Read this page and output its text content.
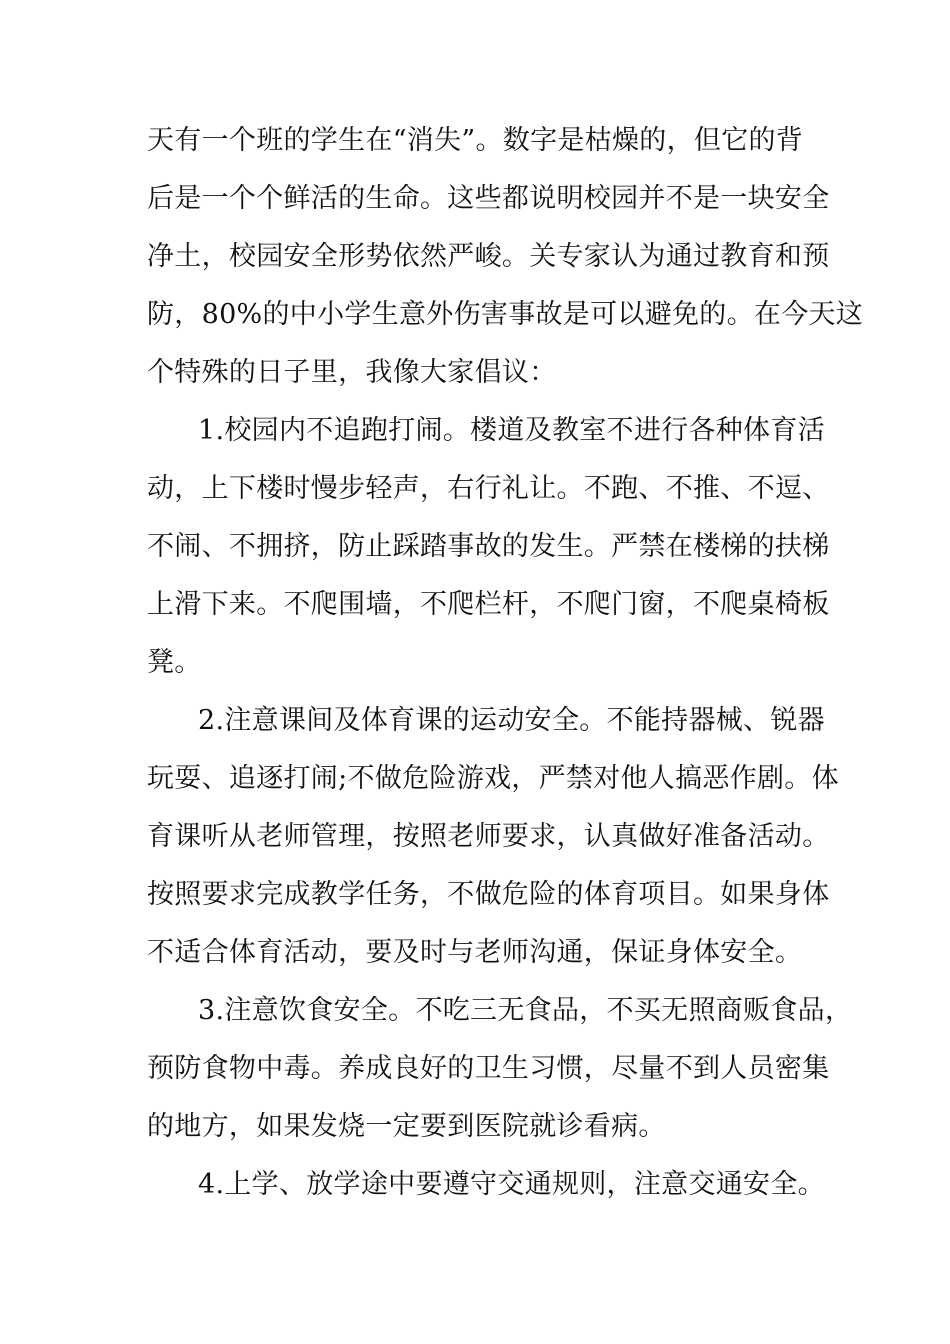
天有一个班的学生在“消失”。数字是枯燥的，但它的背
后是一个个鲜活的生命。这些都说明校园并不是一块安全
净土，校园安全形势依然严峻。关专家认为通过教育和预
防，80%的中小学生意外伤害事故是可以避免的。在今天这
个特殊的日子里，我像大家倡议：
1.校园内不追跑打闹。楼道及教室不进行各种体育活
动，上下楼时慢步轻声，右行礼让。不跑、不推、不逗、
不闹、不拥挤，防止踩踏事故的发生。严禁在楼梯的扶梯
上滑下来。不爬围墙，不爬栏杆，不爬门窗，不爬桌椅板
凳。
2.注意课间及体育课的运动安全。不能持器械、锐器
玩耍、追逐打闹;不做危险游戏，严禁对他人搞恶作剧。体
育课听从老师管理，按照老师要求，认真做好准备活动。
按照要求完成教学任务，不做危险的体育项目。如果身体
不适合体育活动，要及时与老师沟通，保证身体安全。
3.注意饮食安全。不吃三无食品，不买无照商贩食品，
预防食物中毒。养成良好的卫生习惯，尽量不到人员密集
的地方，如果发烧一定要到医院就诊看病。
4.上学、放学途中要遵守交通规则，注意交通安全。
